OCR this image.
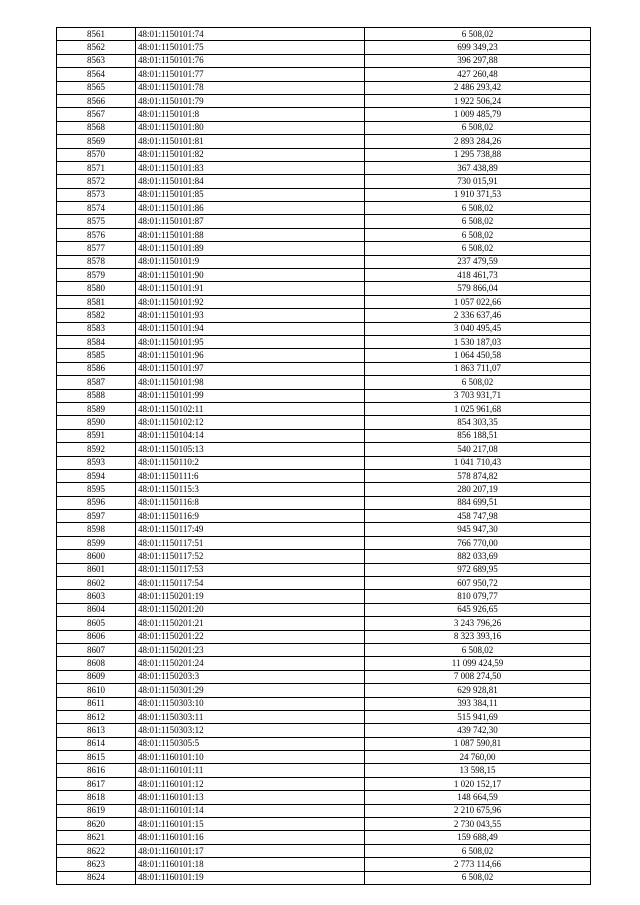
8561	48:01:1150101:74	6 508,02
8562	48:01:1150101:75	699 349,23
8563	48:01:1150101:76	396 297,88
8564	48:01:1150101:77	427 260,48
8565	48:01:1150101:78	2 486 293,42
8566	48:01:1150101:79	1 922 506,24
8567	48:01:1150101:8	1 009 485,79
8568	48:01:1150101:80	6 508,02
8569	48:01:1150101:81	2 893 284,26
8570	48:01:1150101:82	1 295 738,88
8571	48:01:1150101:83	367 438,89
8572	48:01:1150101:84	730 015,91
8573	48:01:1150101:85	1 910 371,53
8574	48:01:1150101:86	6 508,02
8575	48:01:1150101:87	6 508,02
8576	48:01:1150101:88	6 508,02
8577	48:01:1150101:89	6 508,02
8578	48:01:1150101:9	237 479,59
8579	48:01:1150101:90	418 461,73
8580	48:01:1150101:91	579 866,04
8581	48:01:1150101:92	1 057 022,66
8582	48:01:1150101:93	2 336 637,46
8583	48:01:1150101:94	3 040 495,45
8584	48:01:1150101:95	1 530 187,03
8585	48:01:1150101:96	1 064 450,58
8586	48:01:1150101:97	1 863 711,07
8587	48:01:1150101:98	6 508,02
8588	48:01:1150101:99	3 703 931,71
8589	48:01:1150102:11	1 025 961,68
8590	48:01:1150102:12	854 303,35
8591	48:01:1150104:14	856 188,51
8592	48:01:1150105:13	540 217,08
8593	48:01:1150110:2	1 041 710,43
8594	48:01:1150111:6	578 874,82
8595	48:01:1150115:3	280 207,19
8596	48:01:1150116:8	884 699,51
8597	48:01:1150116:9	458 747,98
8598	48:01:1150117:49	945 947,30
8599	48:01:1150117:51	766 770,00
8600	48:01:1150117:52	882 033,69
8601	48:01:1150117:53	972 689,95
8602	48:01:1150117:54	607 950,72
8603	48:01:1150201:19	810 079,77
8604	48:01:1150201:20	645 926,65
8605	48:01:1150201:21	3 243 796,26
8606	48:01:1150201:22	8 323 393,16
8607	48:01:1150201:23	6 508,02
8608	48:01:1150201:24	11 099 424,59
8609	48:01:1150203:3	7 008 274,50
8610	48:01:1150301:29	629 928,81
8611	48:01:1150303:10	393 384,11
8612	48:01:1150303:11	515 941,69
8613	48:01:1150303:12	439 742,30
8614	48:01:1150305:5	1 087 590,81
8615	48:01:1160101:10	24 760,00
8616	48:01:1160101:11	13 598,15
8617	48:01:1160101:12	1 020 152,17
8618	48:01:1160101:13	148 664,59
8619	48:01:1160101:14	2 210 675,96
8620	48:01:1160101:15	2 730 043,55
8621	48:01:1160101:16	159 688,49
8622	48:01:1160101:17	6 508,02
8623	48:01:1160101:18	2 773 114,66
8624	48:01:1160101:19	6 508,02
